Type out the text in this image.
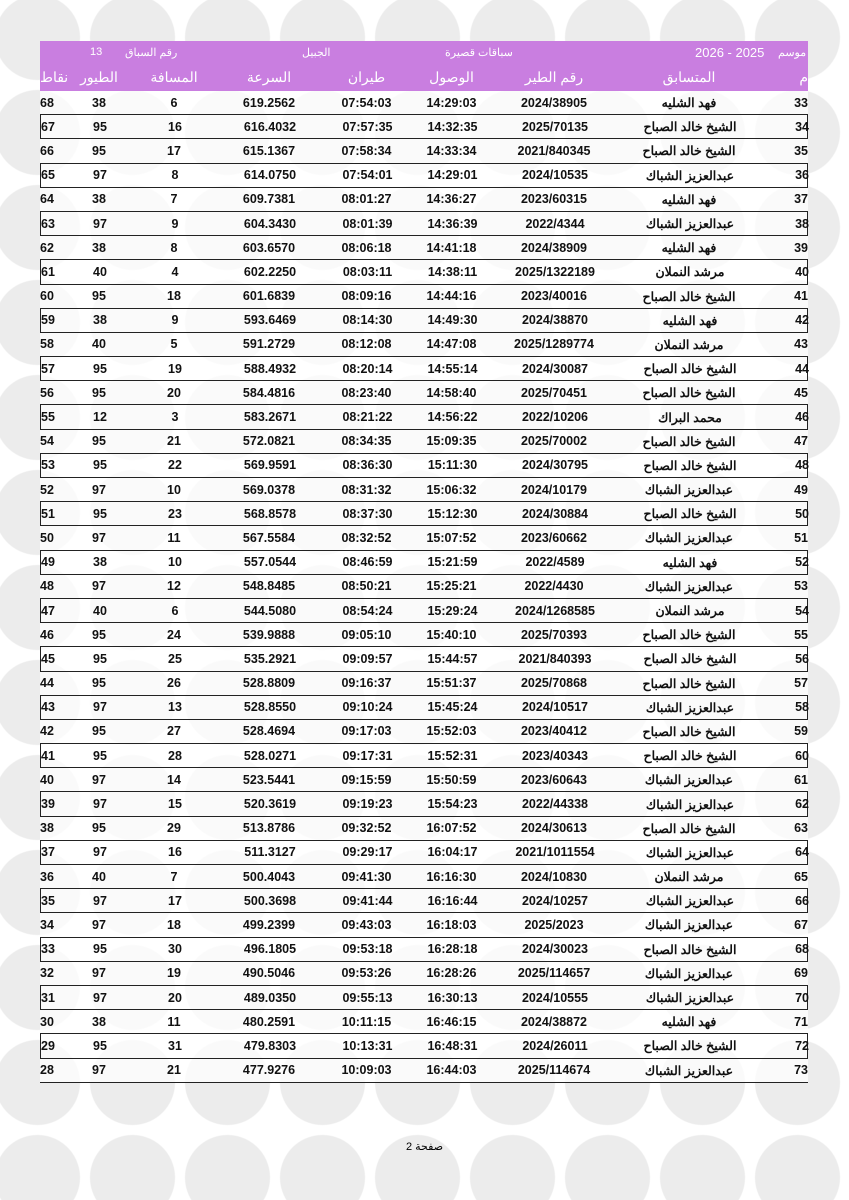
13 رقم السباق	الجبيل	سباقات قصيرة	2026 - 2025 موسم
نقاط الطيور	المسافة	السرعة	طيران	الوصول	رقم الطير	المتسابق	م
68	38	6	619.2562	07:54:03	14:29:03	2024/38905	فهد الشليه	33
67	95	16	616.4032	07:57:35	14:32:35	2025/70135	الشيخ خالد الصباح	34
66	95	17	615.1367	07:58:34	14:33:34	2021/840345	الشيخ خالد الصباح	35
65	97	8	614.0750	07:54:01	14:29:01	2024/10535	عبدالعزيز الشباك	36
64	38	7	609.7381	08:01:27	14:36:27	2023/60315	فهد الشليه	37
63	97	9	604.3430	08:01:39	14:36:39	2022/4344	عبدالعزيز الشباك	38
62	38	8	603.6570	08:06:18	14:41:18	2024/38909	فهد الشليه	39
61	40	4	602.2250	08:03:11	14:38:11	2025/1322189	مرشد النملان	40
60	95	18	601.6839	08:09:16	14:44:16	2023/40016	الشيخ خالد الصباح	41
59	38	9	593.6469	08:14:30	14:49:30	2024/38870	فهد الشليه	42
58	40	5	591.2729	08:12:08	14:47:08	2025/1289774	مرشد النملان	43
57	95	19	588.4932	08:20:14	14:55:14	2024/30087	الشيخ خالد الصباح	44
56	95	20	584.4816	08:23:40	14:58:40	2025/70451	الشيخ خالد الصباح	45
55	12	3	583.2671	08:21:22	14:56:22	2022/10206	محمد البراك	46
54	95	21	572.0821	08:34:35	15:09:35	2025/70002	الشيخ خالد الصباح	47
53	95	22	569.9591	08:36:30	15:11:30	2024/30795	الشيخ خالد الصباح	48
52	97	10	569.0378	08:31:32	15:06:32	2024/10179	عبدالعزيز الشباك	49
51	95	23	568.8578	08:37:30	15:12:30	2024/30884	الشيخ خالد الصباح	50
50	97	11	567.5584	08:32:52	15:07:52	2023/60662	عبدالعزيز الشباك	51
49	38	10	557.0544	08:46:59	15:21:59	2022/4589	فهد الشليه	52
48	97	12	548.8485	08:50:21	15:25:21	2022/4430	عبدالعزيز الشباك	53
47	40	6	544.5080	08:54:24	15:29:24	2024/1268585	مرشد النملان	54
46	95	24	539.9888	09:05:10	15:40:10	2025/70393	الشيخ خالد الصباح	55
45	95	25	535.2921	09:09:57	15:44:57	2021/840393	الشيخ خالد الصباح	56
44	95	26	528.8809	09:16:37	15:51:37	2025/70868	الشيخ خالد الصباح	57
43	97	13	528.8550	09:10:24	15:45:24	2024/10517	عبدالعزيز الشباك	58
42	95	27	528.4694	09:17:03	15:52:03	2023/40412	الشيخ خالد الصباح	59
41	95	28	528.0271	09:17:31	15:52:31	2023/40343	الشيخ خالد الصباح	60
40	97	14	523.5441	09:15:59	15:50:59	2023/60643	عبدالعزيز الشباك	61
39	97	15	520.3619	09:19:23	15:54:23	2022/44338	عبدالعزيز الشباك	62
38	95	29	513.8786	09:32:52	16:07:52	2024/30613	الشيخ خالد الصباح	63
37	97	16	511.3127	09:29:17	16:04:17	2021/1011554	عبدالعزيز الشباك	64
36	40	7	500.4043	09:41:30	16:16:30	2024/10830	مرشد النملان	65
35	97	17	500.3698	09:41:44	16:16:44	2024/10257	عبدالعزيز الشباك	66
34	97	18	499.2399	09:43:03	16:18:03	2025/2023	عبدالعزيز الشباك	67
33	95	30	496.1805	09:53:18	16:28:18	2024/30023	الشيخ خالد الصباح	68
32	97	19	490.5046	09:53:26	16:28:26	2025/114657	عبدالعزيز الشباك	69
31	97	20	489.0350	09:55:13	16:30:13	2024/10555	عبدالعزيز الشباك	70
30	38	11	480.2591	10:11:15	16:46:15	2024/38872	فهد الشليه	71
29	95	31	479.8303	10:13:31	16:48:31	2024/26011	الشيخ خالد الصباح	72
28	97	21	477.9276	10:09:03	16:44:03	2025/114674	عبدالعزيز الشباك	73
صفحة 2
